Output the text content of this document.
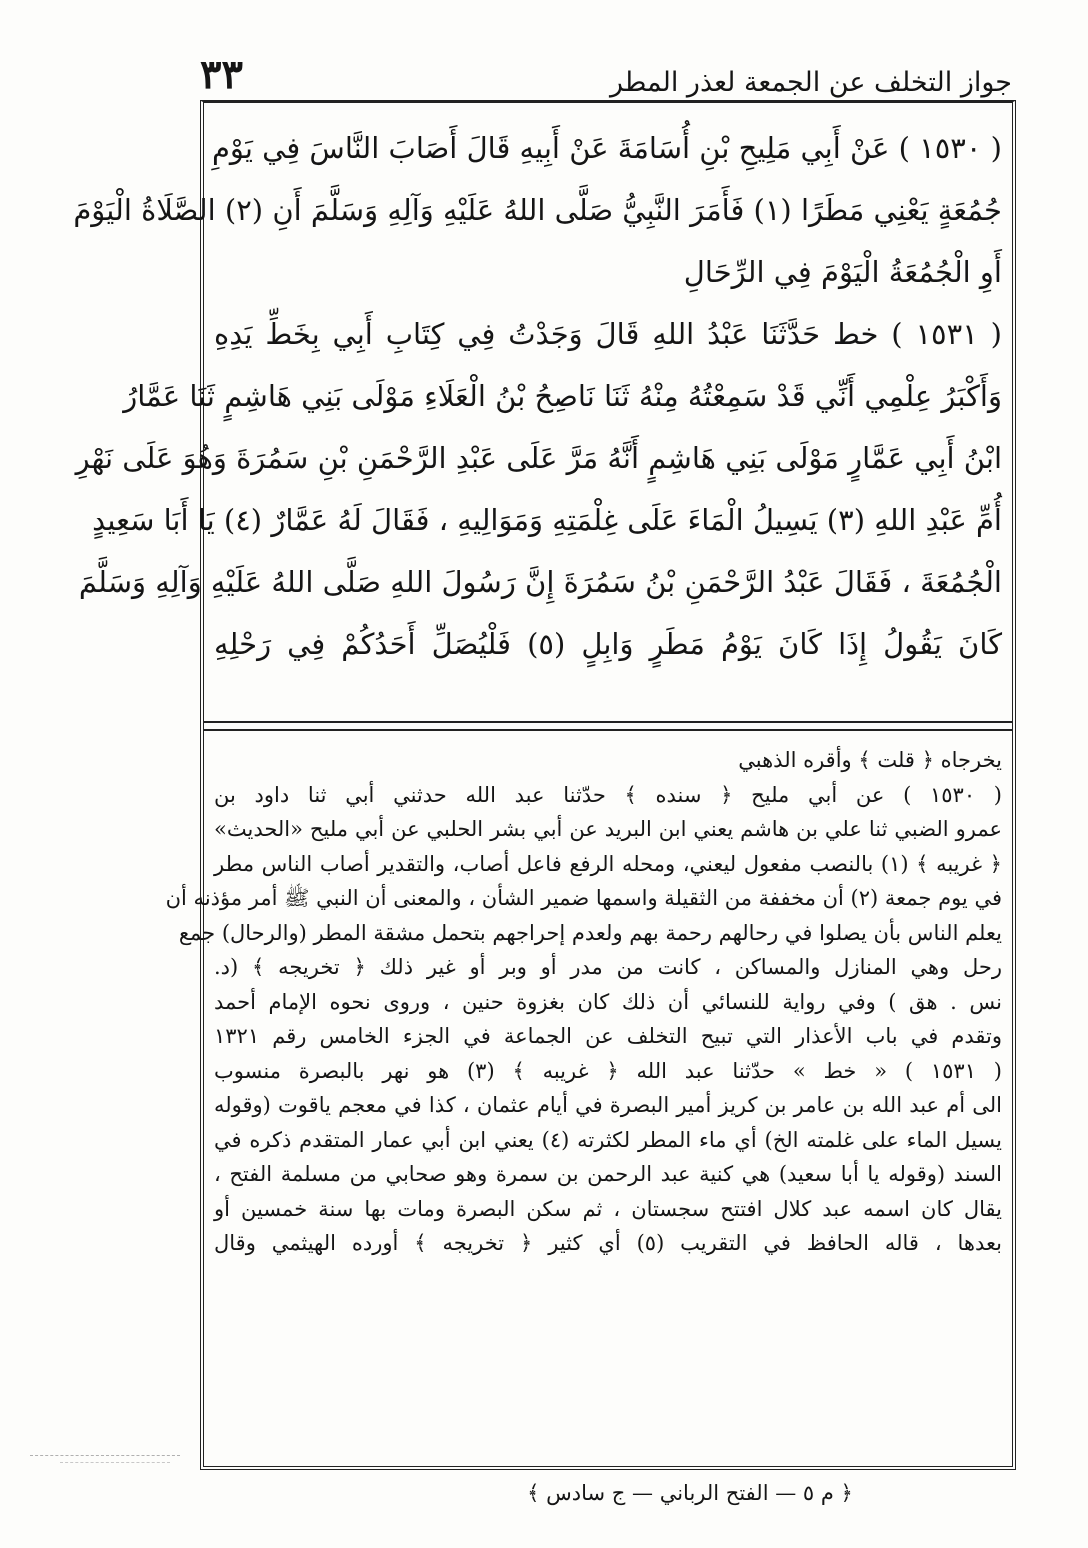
٣٣	جواز التخلف عن الجمعة لعذر المطر
( ١٥٣٠ ) عَنْ أَبِي مَلِيحِ بْنِ أُسَامَةَ عَنْ أَبِيهِ قَالَ أَصَابَ النَّاسَ فِي يَوْمِ
جُمُعَةٍ يَعْنِي مَطَرًا (١) فَأَمَرَ النَّبِيُّ صَلَّى اللهُ عَلَيْهِ وَآلِهِ وَسَلَّمَ أَنِ (٢) الصَّلَاةُ الْيَوْمَ
أَوِ الْجُمُعَةُ الْيَوْمَ فِي الرِّحَالِ
( ١٥٣١ ) خط حَدَّثَنَا عَبْدُ اللهِ قَالَ وَجَدْتُ فِي كِتَابِ أَبِي بِخَطِّ يَدِهِ
وَأَكْبَرُ عِلْمِي أَنِّي قَدْ سَمِعْتُهُ مِنْهُ ثَنَا نَاصِحُ بْنُ الْعَلَاءِ مَوْلَى بَنِي هَاشِمٍ ثَنَا عَمَّارُ
ابْنُ أَبِي عَمَّارٍ مَوْلَى بَنِي هَاشِمٍ أَنَّهُ مَرَّ عَلَى عَبْدِ الرَّحْمَنِ بْنِ سَمُرَةَ وَهُوَ عَلَى نَهْرِ
أُمِّ عَبْدِ اللهِ (٣) يَسِيلُ الْمَاءَ عَلَى غِلْمَتِهِ وَمَوَالِيهِ ، فَقَالَ لَهُ عَمَّارٌ (٤) يَا أَبَا سَعِيدٍ
الْجُمُعَةَ ، فَقَالَ عَبْدُ الرَّحْمَنِ بْنُ سَمُرَةَ إِنَّ رَسُولَ اللهِ صَلَّى اللهُ عَلَيْهِ وَآلِهِ وَسَلَّمَ
كَانَ يَقُولُ إِذَا كَانَ يَوْمُ مَطَرٍ وَابِلٍ (٥) فَلْيُصَلِّ أَحَدُكُمْ فِي رَحْلِهِ
يخرجاه ﴿ قلت ﴾ وأقره الذهبي
( ١٥٣٠ ) عن أبي مليح ﴿ سنده ﴾ حدّثنا عبد الله حدثني أبي ثنا داود بن
عمرو الضبي ثنا علي بن هاشم يعني ابن البريد عن أبي بشر الحلبي عن أبي مليح «الحديث»
﴿ غريبه ﴾ (١) بالنصب مفعول ليعني، ومحله الرفع فاعل أصاب، والتقدير أصاب الناس مطر
في يوم جمعة (٢) أن مخففة من الثقيلة واسمها ضمير الشأن ، والمعنى أن النبي ﷺ أمر مؤذنه أن
يعلم الناس بأن يصلوا في رحالهم رحمة بهم ولعدم إحراجهم بتحمل مشقة المطر (والرحال) جمع
رحل وهي المنازل والمساكن ، كانت من مدر أو وبر أو غير ذلك ﴿ تخريجه ﴾ (د.
نس . هق ) وفي رواية للنسائي أن ذلك كان بغزوة حنين ، وروى نحوه الإمام أحمد
وتقدم في باب الأعذار التي تبيح التخلف عن الجماعة في الجزء الخامس رقم ١٣٢١
( ١٥٣١ ) « خط » حدّثنا عبد الله ﴿ غريبه ﴾ (٣) هو نهر بالبصرة منسوب
الى أم عبد الله بن عامر بن كريز أمير البصرة في أيام عثمان ، كذا في معجم ياقوت (وقوله
يسيل الماء على غلمته الخ) أي ماء المطر لكثرته (٤) يعني ابن أبي عمار المتقدم ذكره في
السند (وقوله يا أبا سعيد) هي كنية عبد الرحمن بن سمرة وهو صحابي من مسلمة الفتح ،
يقال كان اسمه عبد كلال افتتح سجستان ، ثم سكن البصرة ومات بها سنة خمسين أو
بعدها ، قاله الحافظ في التقريب (٥) أي كثير ﴿ تخريجه ﴾ أورده الهيثمي وقال
﴿ م ٥ — الفتح الرباني — ج سادس ﴾
